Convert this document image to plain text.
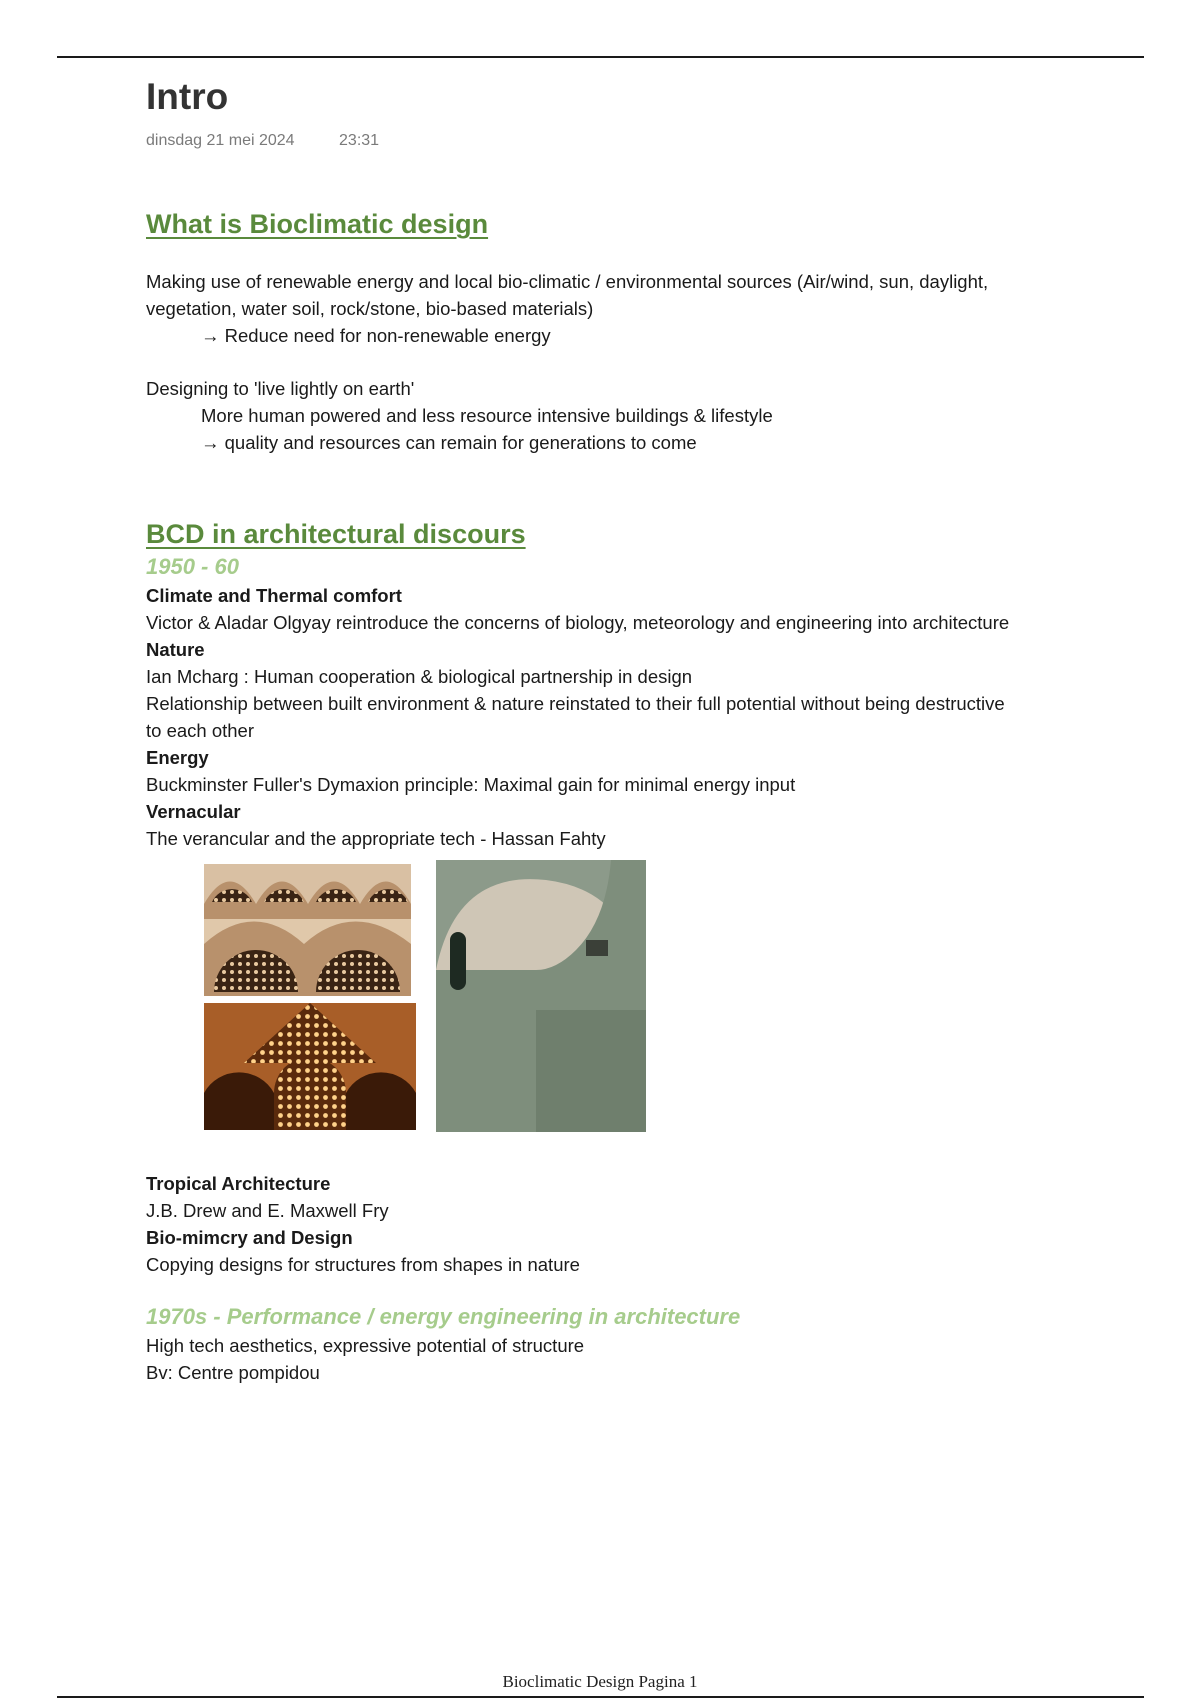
Intro
dinsdag 21 mei 2024	23:31
What is Bioclimatic design

Making use of renewable energy and local bio-climatic / environmental sources (Air/wind, sun, daylight,

vegetation, water soil, rock/stone, bio-based materials)

→ Reduce need for non-renewable energy

Designing to 'live lightly on earth'

More human powered and less resource intensive buildings & lifestyle

→ quality and resources can remain for generations to come

BCD in architectural discours
1950 - 60

Climate and Thermal comfort

Victor & Aladar Olgyay reintroduce the concerns of biology, meteorology and engineering into architecture

Nature

Ian Mcharg : Human cooperation & biological partnership in design

Relationship between built environment & nature reinstated to their full potential without being destructive

to each other

Energy

Buckminster Fuller's Dymaxion principle: Maximal gain for minimal energy input

Vernacular

The verancular and the appropriate tech - Hassan Fahty

Tropical Architecture

J.B. Drew and E. Maxwell Fry

Bio-mimcry and Design

Copying designs for structures from shapes in nature

1970s - Performance / energy engineering in architecture

High tech aesthetics, expressive potential of structure

Bv: Centre pompidou

Bioclimatic Design Pagina 1
